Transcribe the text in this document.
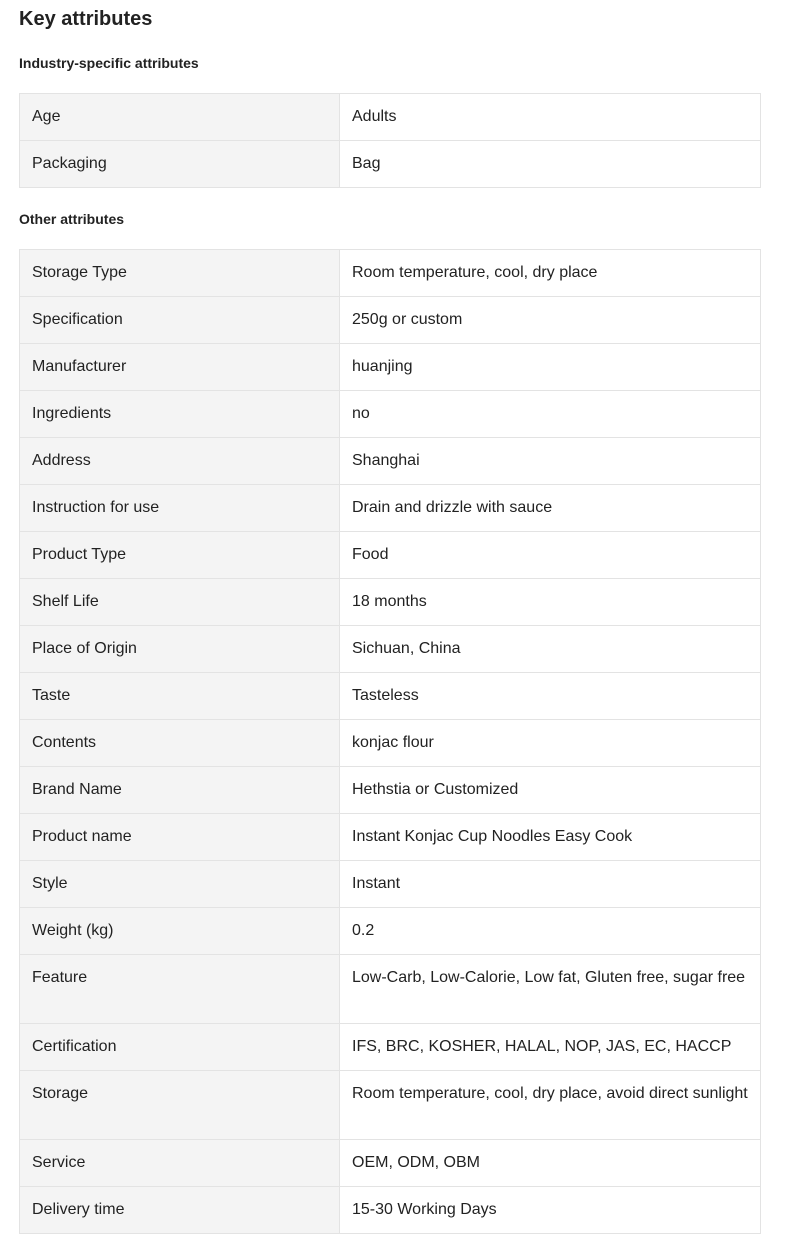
Key attributes
Industry-specific attributes
Age	Adults
Packaging	Bag
Other attributes
Storage Type	Room temperature, cool, dry place
Specification	250g or custom
Manufacturer	huanjing
Ingredients	no
Address	Shanghai
Instruction for use	Drain and drizzle with sauce
Product Type	Food
Shelf Life	18 months
Place of Origin	Sichuan, China
Taste	Tasteless
Contents	konjac flour
Brand Name	Hethstia or Customized
Product name	Instant Konjac Cup Noodles Easy Cook
Style	Instant
Weight (kg)	0.2
Feature	Low-Carb, Low-Calorie, Low fat, Gluten free, sugar free
Certification	IFS, BRC, KOSHER, HALAL, NOP, JAS, EC, HACCP
Storage	Room temperature, cool, dry place, avoid direct sunlight
Service	OEM, ODM, OBM
Delivery time	15-30 Working Days
